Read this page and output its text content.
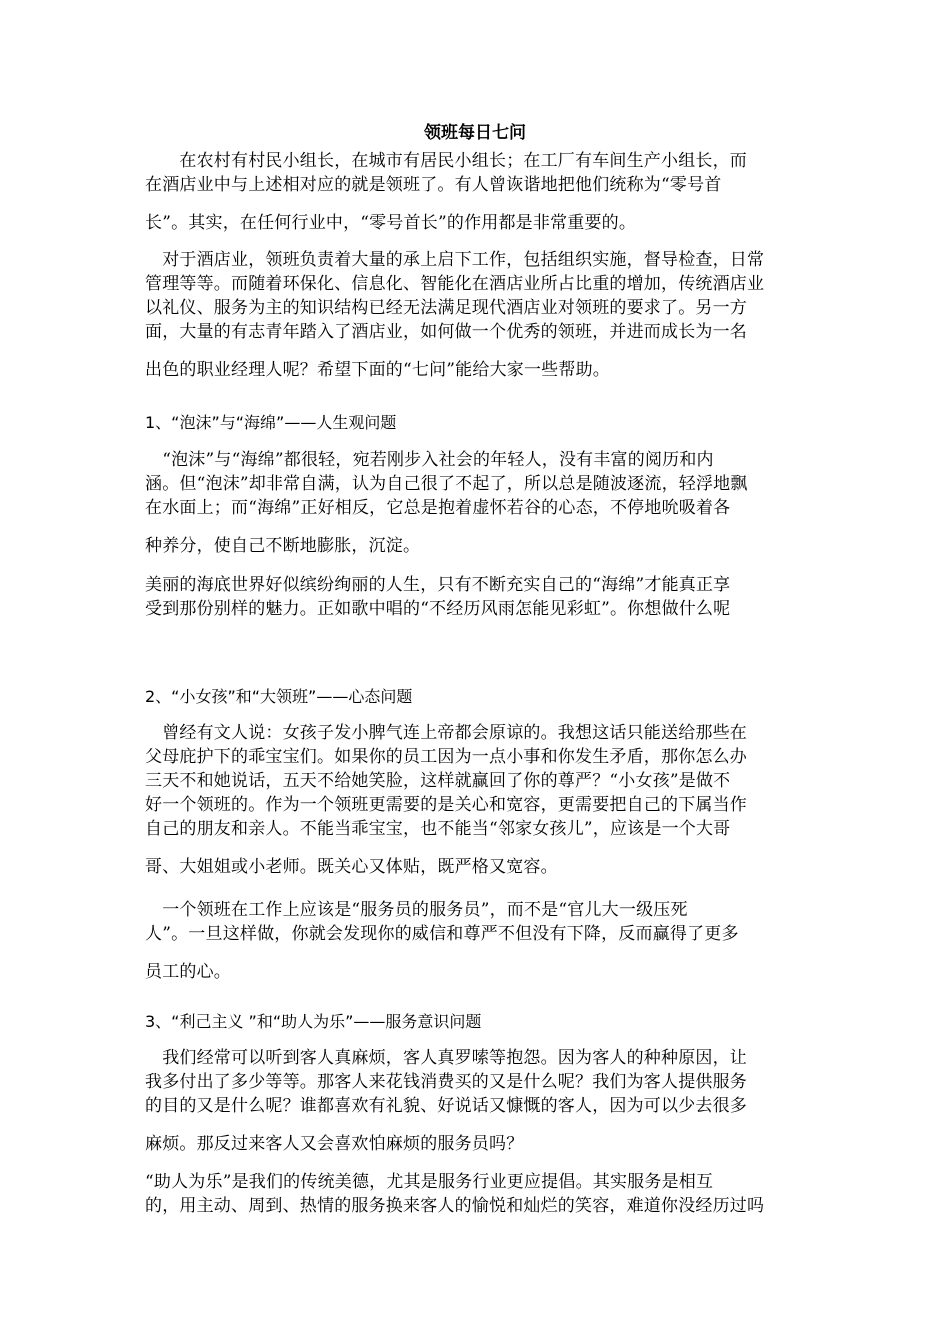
领班每日七问
　　在农村有村民小组长，在城市有居民小组长；在工厂有车间生产小组长，而
在酒店业中与上述相对应的就是领班了。有人曾诙谐地把他们统称为“零号首
长”。其实，在任何行业中，“零号首长”的作用都是非常重要的。
　对于酒店业，领班负责着大量的承上启下工作，包括组织实施，督导检查，日常
管理等等。而随着环保化、信息化、智能化在酒店业所占比重的增加，传统酒店业
以礼仪、服务为主的知识结构已经无法满足现代酒店业对领班的要求了。另一方
面，大量的有志青年踏入了酒店业，如何做一个优秀的领班，并进而成长为一名
出色的职业经理人呢？希望下面的“七问”能给大家一些帮助。
1、“泡沫”与“海绵”——人生观问题
　“泡沫”与“海绵”都很轻，宛若刚步入社会的年轻人，没有丰富的阅历和内
涵。但“泡沫”却非常自满，认为自己很了不起了，所以总是随波逐流，轻浮地飘
在水面上；而“海绵”正好相反，它总是抱着虚怀若谷的心态，不停地吮吸着各
种养分，使自己不断地膨胀，沉淀。
美丽的海底世界好似缤纷绚丽的人生，只有不断充实自己的“海绵”才能真正享
受到那份别样的魅力。正如歌中唱的“不经历风雨怎能见彩虹”。你想做什么呢
2、“小女孩”和“大领班”——心态问题
　曾经有文人说：女孩子发小脾气连上帝都会原谅的。我想这话只能送给那些在
父母庇护下的乖宝宝们。如果你的员工因为一点小事和你发生矛盾，那你怎么办
三天不和她说话，五天不给她笑脸，这样就赢回了你的尊严？“小女孩”是做不
好一个领班的。作为一个领班更需要的是关心和宽容，更需要把自己的下属当作
自己的朋友和亲人。不能当乖宝宝，也不能当“邻家女孩儿”，应该是一个大哥
哥、大姐姐或小老师。既关心又体贴，既严格又宽容。
　一个领班在工作上应该是“服务员的服务员”，而不是“官儿大一级压死
人”。一旦这样做，你就会发现你的威信和尊严不但没有下降，反而赢得了更多
员工的心。
3、“利己主义 ”和“助人为乐”——服务意识问题
　我们经常可以听到客人真麻烦，客人真罗嗦等抱怨。因为客人的种种原因，让
我多付出了多少等等。那客人来花钱消费买的又是什么呢？我们为客人提供服务
的目的又是什么呢？谁都喜欢有礼貌、好说话又慷慨的客人，因为可以少去很多
麻烦。那反过来客人又会喜欢怕麻烦的服务员吗？
“助人为乐”是我们的传统美德，尤其是服务行业更应提倡。其实服务是相互
的，用主动、周到、热情的服务换来客人的愉悦和灿烂的笑容，难道你没经历过吗
